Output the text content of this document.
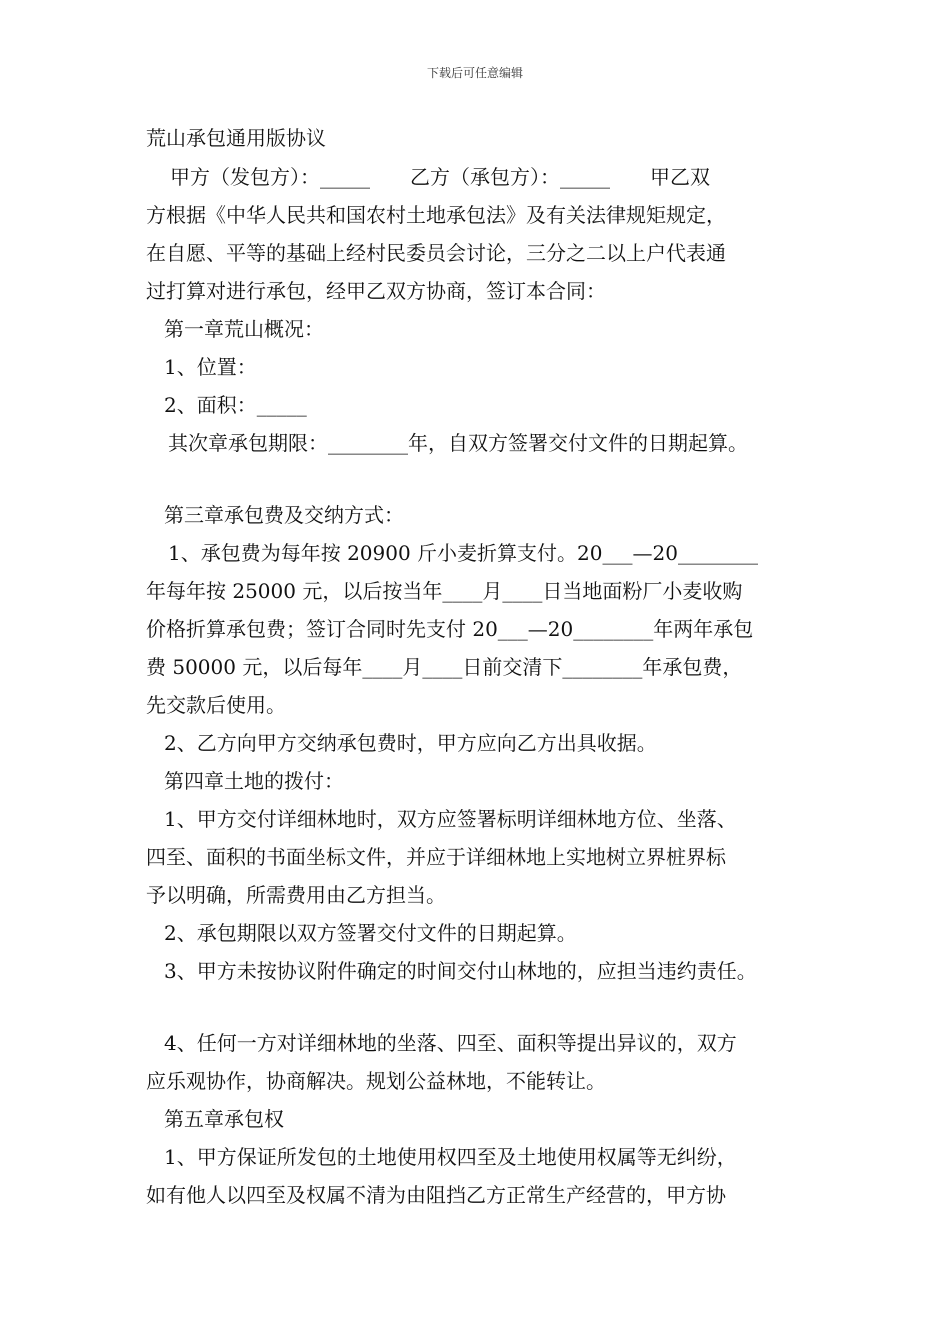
下载后可任意编辑
荒山承包通用版协议
　甲方（发包方）：_____　　乙方（承包方）：_____　　甲乙双
方根据《中华人民共和国农村土地承包法》及有关法律规矩规定，
在自愿、平等的基础上经村民委员会讨论，三分之二以上户代表通
过打算对进行承包，经甲乙双方协商，签订本合同：
第一章荒山概况：
1、位置：
2、面积：_____
其次章承包期限：________年，自双方签署交付文件的日期起算。
第三章承包费及交纳方式：
1、承包费为每年按 20900 斤小麦折算支付。20___—20________
年每年按 25000 元，以后按当年____月____日当地面粉厂小麦收购
价格折算承包费；签订合同时先支付 20___—20________年两年承包
费 50000 元，以后每年____月____日前交清下________年承包费，
先交款后使用。
2、乙方向甲方交纳承包费时，甲方应向乙方出具收据。
第四章土地的拨付：
1、甲方交付详细林地时，双方应签署标明详细林地方位、坐落、
四至、面积的书面坐标文件，并应于详细林地上实地树立界桩界标
予以明确，所需费用由乙方担当。
2、承包期限以双方签署交付文件的日期起算。
3、甲方未按协议附件确定的时间交付山林地的，应担当违约责任。
4、任何一方对详细林地的坐落、四至、面积等提出异议的，双方
应乐观协作，协商解决。规划公益林地，不能转让。
第五章承包权
1、甲方保证所发包的土地使用权四至及土地使用权属等无纠纷，
如有他人以四至及权属不清为由阻挡乙方正常生产经营的，甲方协
